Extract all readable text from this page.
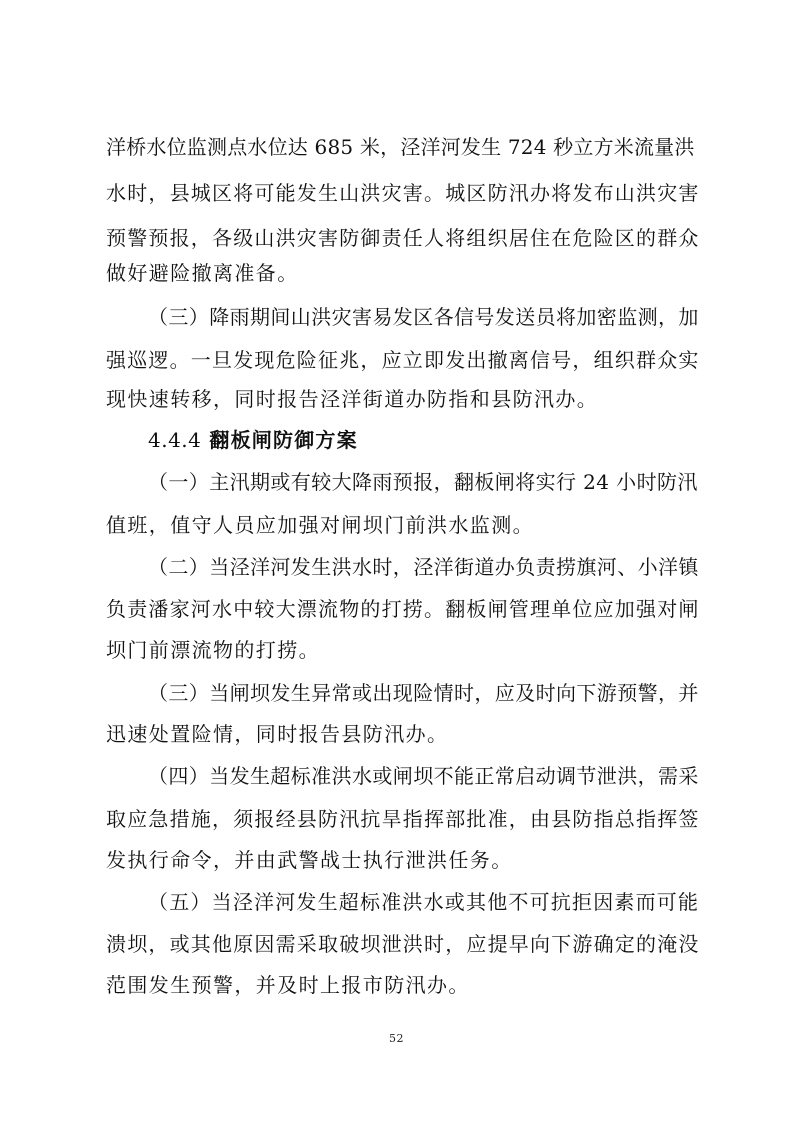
洋桥水位监测点水位达 685 米，泾洋河发生 724 秒立方米流量洪
水时，县城区将可能发生山洪灾害。城区防汛办将发布山洪灾害
预警预报，各级山洪灾害防御责任人将组织居住在危险区的群众
做好避险撤离准备。
（三）降雨期间山洪灾害易发区各信号发送员将加密监测，加
强巡逻。一旦发现危险征兆，应立即发出撤离信号，组织群众实
现快速转移，同时报告泾洋街道办防指和县防汛办。
4.4.4 翻板闸防御方案
（一）主汛期或有较大降雨预报，翻板闸将实行 24 小时防汛
值班，值守人员应加强对闸坝门前洪水监测。
（二）当泾洋河发生洪水时，泾洋街道办负责捞旗河、小洋镇
负责潘家河水中较大漂流物的打捞。翻板闸管理单位应加强对闸
坝门前漂流物的打捞。
（三）当闸坝发生异常或出现险情时，应及时向下游预警，并
迅速处置险情，同时报告县防汛办。
（四）当发生超标准洪水或闸坝不能正常启动调节泄洪，需采
取应急措施，须报经县防汛抗旱指挥部批准，由县防指总指挥签
发执行命令，并由武警战士执行泄洪任务。
（五）当泾洋河发生超标准洪水或其他不可抗拒因素而可能
溃坝，或其他原因需采取破坝泄洪时，应提早向下游确定的淹没
范围发生预警，并及时上报市防汛办。
52
